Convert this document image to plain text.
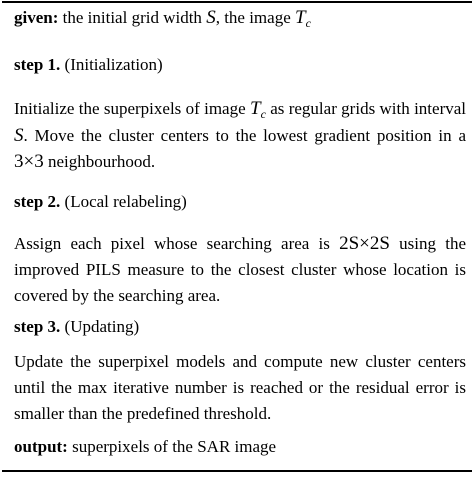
given: the initial grid width S, the image $T_c$
step 1. (Initialization)
Initialize the superpixels of image $T_c$ as regular grids with interval S. Move the cluster centers to the lowest gradient position in a 3×3 neighbourhood.
step 2. (Local relabeling)
Assign each pixel whose searching area is 2S×2S using the improved PILS measure to the closest cluster whose location is covered by the searching area.
step 3. (Updating)
Update the superpixel models and compute new cluster centers until the max iterative number is reached or the residual error is smaller than the predefined threshold.
output: superpixels of the SAR image
